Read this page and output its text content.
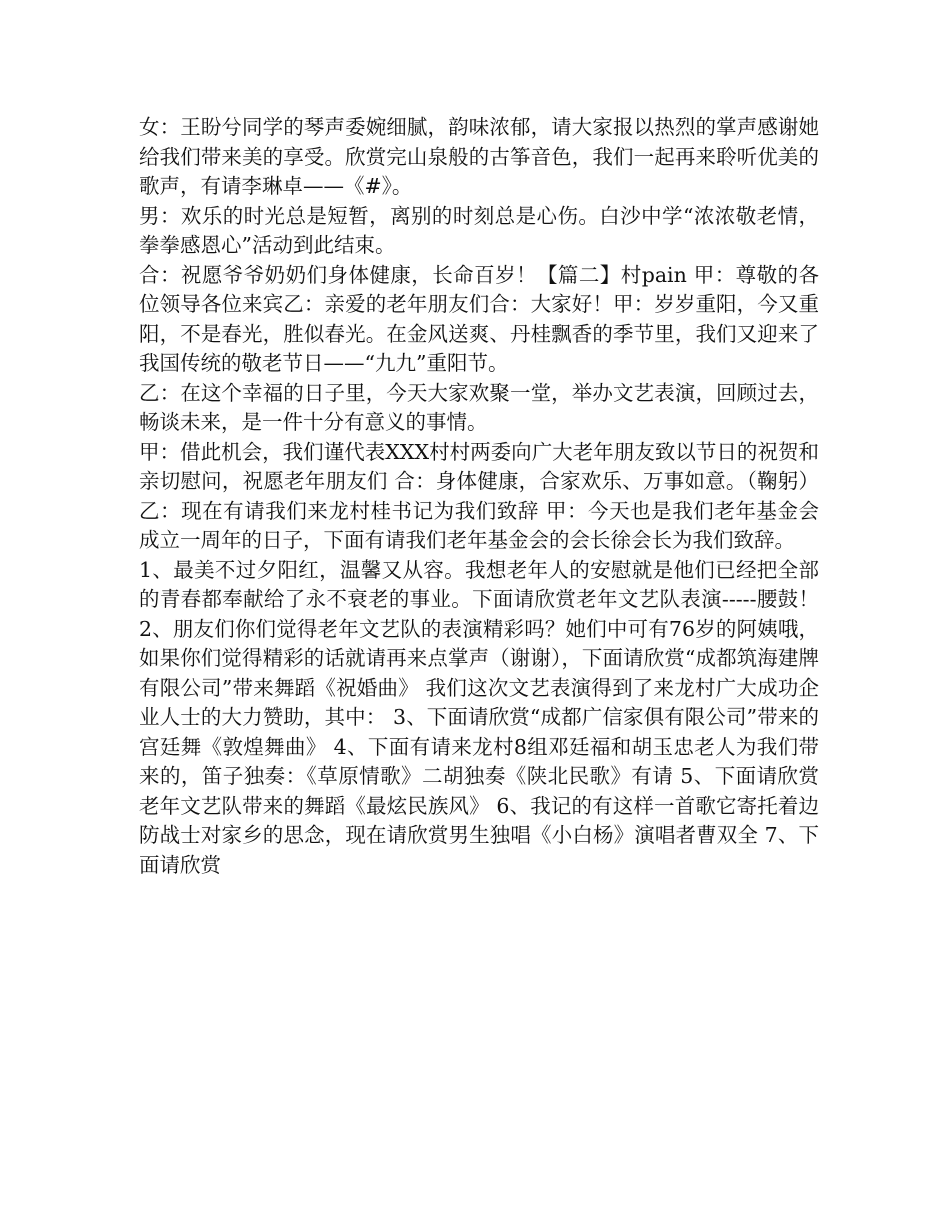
女：王盼兮同学的琴声委婉细腻，韵味浓郁，请大家报以热烈的掌声感谢她给我们带来美的享受。欣赏完山泉般的古筝音色，我们一起再来聆听优美的歌声，有请李琳卓——《#》。

男：欢乐的时光总是短暂，离别的时刻总是心伤。白沙中学“浓浓敬老情，拳拳感恩心”活动到此结束。

合：祝愿爷爷奶奶们身体健康，长命百岁！【篇二】村pain 甲：尊敬的各位领导各位来宾乙：亲爱的老年朋友们合：大家好！甲：岁岁重阳，今又重阳，不是春光，胜似春光。在金风送爽、丹桂飘香的季节里，我们又迎来了我国传统的敬老节日——“九九”重阳节。

乙：在这个幸福的日子里，今天大家欢聚一堂，举办文艺表演，回顾过去，畅谈未来，是一件十分有意义的事情。

甲：借此机会，我们谨代表XXX村村两委向广大老年朋友致以节日的祝贺和亲切慰问，祝愿老年朋友们 合：身体健康，合家欢乐、万事如意。（鞠躬） 乙：现在有请我们来龙村桂书记为我们致辞 甲：今天也是我们老年基金会成立一周年的日子，下面有请我们老年基金会的会长徐会长为我们致辞。

1、最美不过夕阳红，温馨又从容。我想老年人的安慰就是他们已经把全部的青春都奉献给了永不衰老的事业。下面请欣赏老年文艺队表演-----腰鼓！ 2、朋友们你们觉得老年文艺队的表演精彩吗？她们中可有76岁的阿姨哦，如果你们觉得精彩的话就请再来点掌声（谢谢），下面请欣赏“成都筑海建牌有限公司”带来舞蹈《祝婚曲》 我们这次文艺表演得到了来龙村广大成功企业人士的大力赞助，其中： 3、下面请欣赏“成都广信家俱有限公司”带来的宫廷舞《敦煌舞曲》 4、下面有请来龙村8组邓廷福和胡玉忠老人为我们带来的，笛子独奏：《草原情歌》二胡独奏《陕北民歌》有请 5、下面请欣赏老年文艺队带来的舞蹈《最炫民族风》 6、我记的有这样一首歌它寄托着边防战士对家乡的思念，现在请欣赏男生独唱《小白杨》演唱者曹双全 7、下面请欣赏
